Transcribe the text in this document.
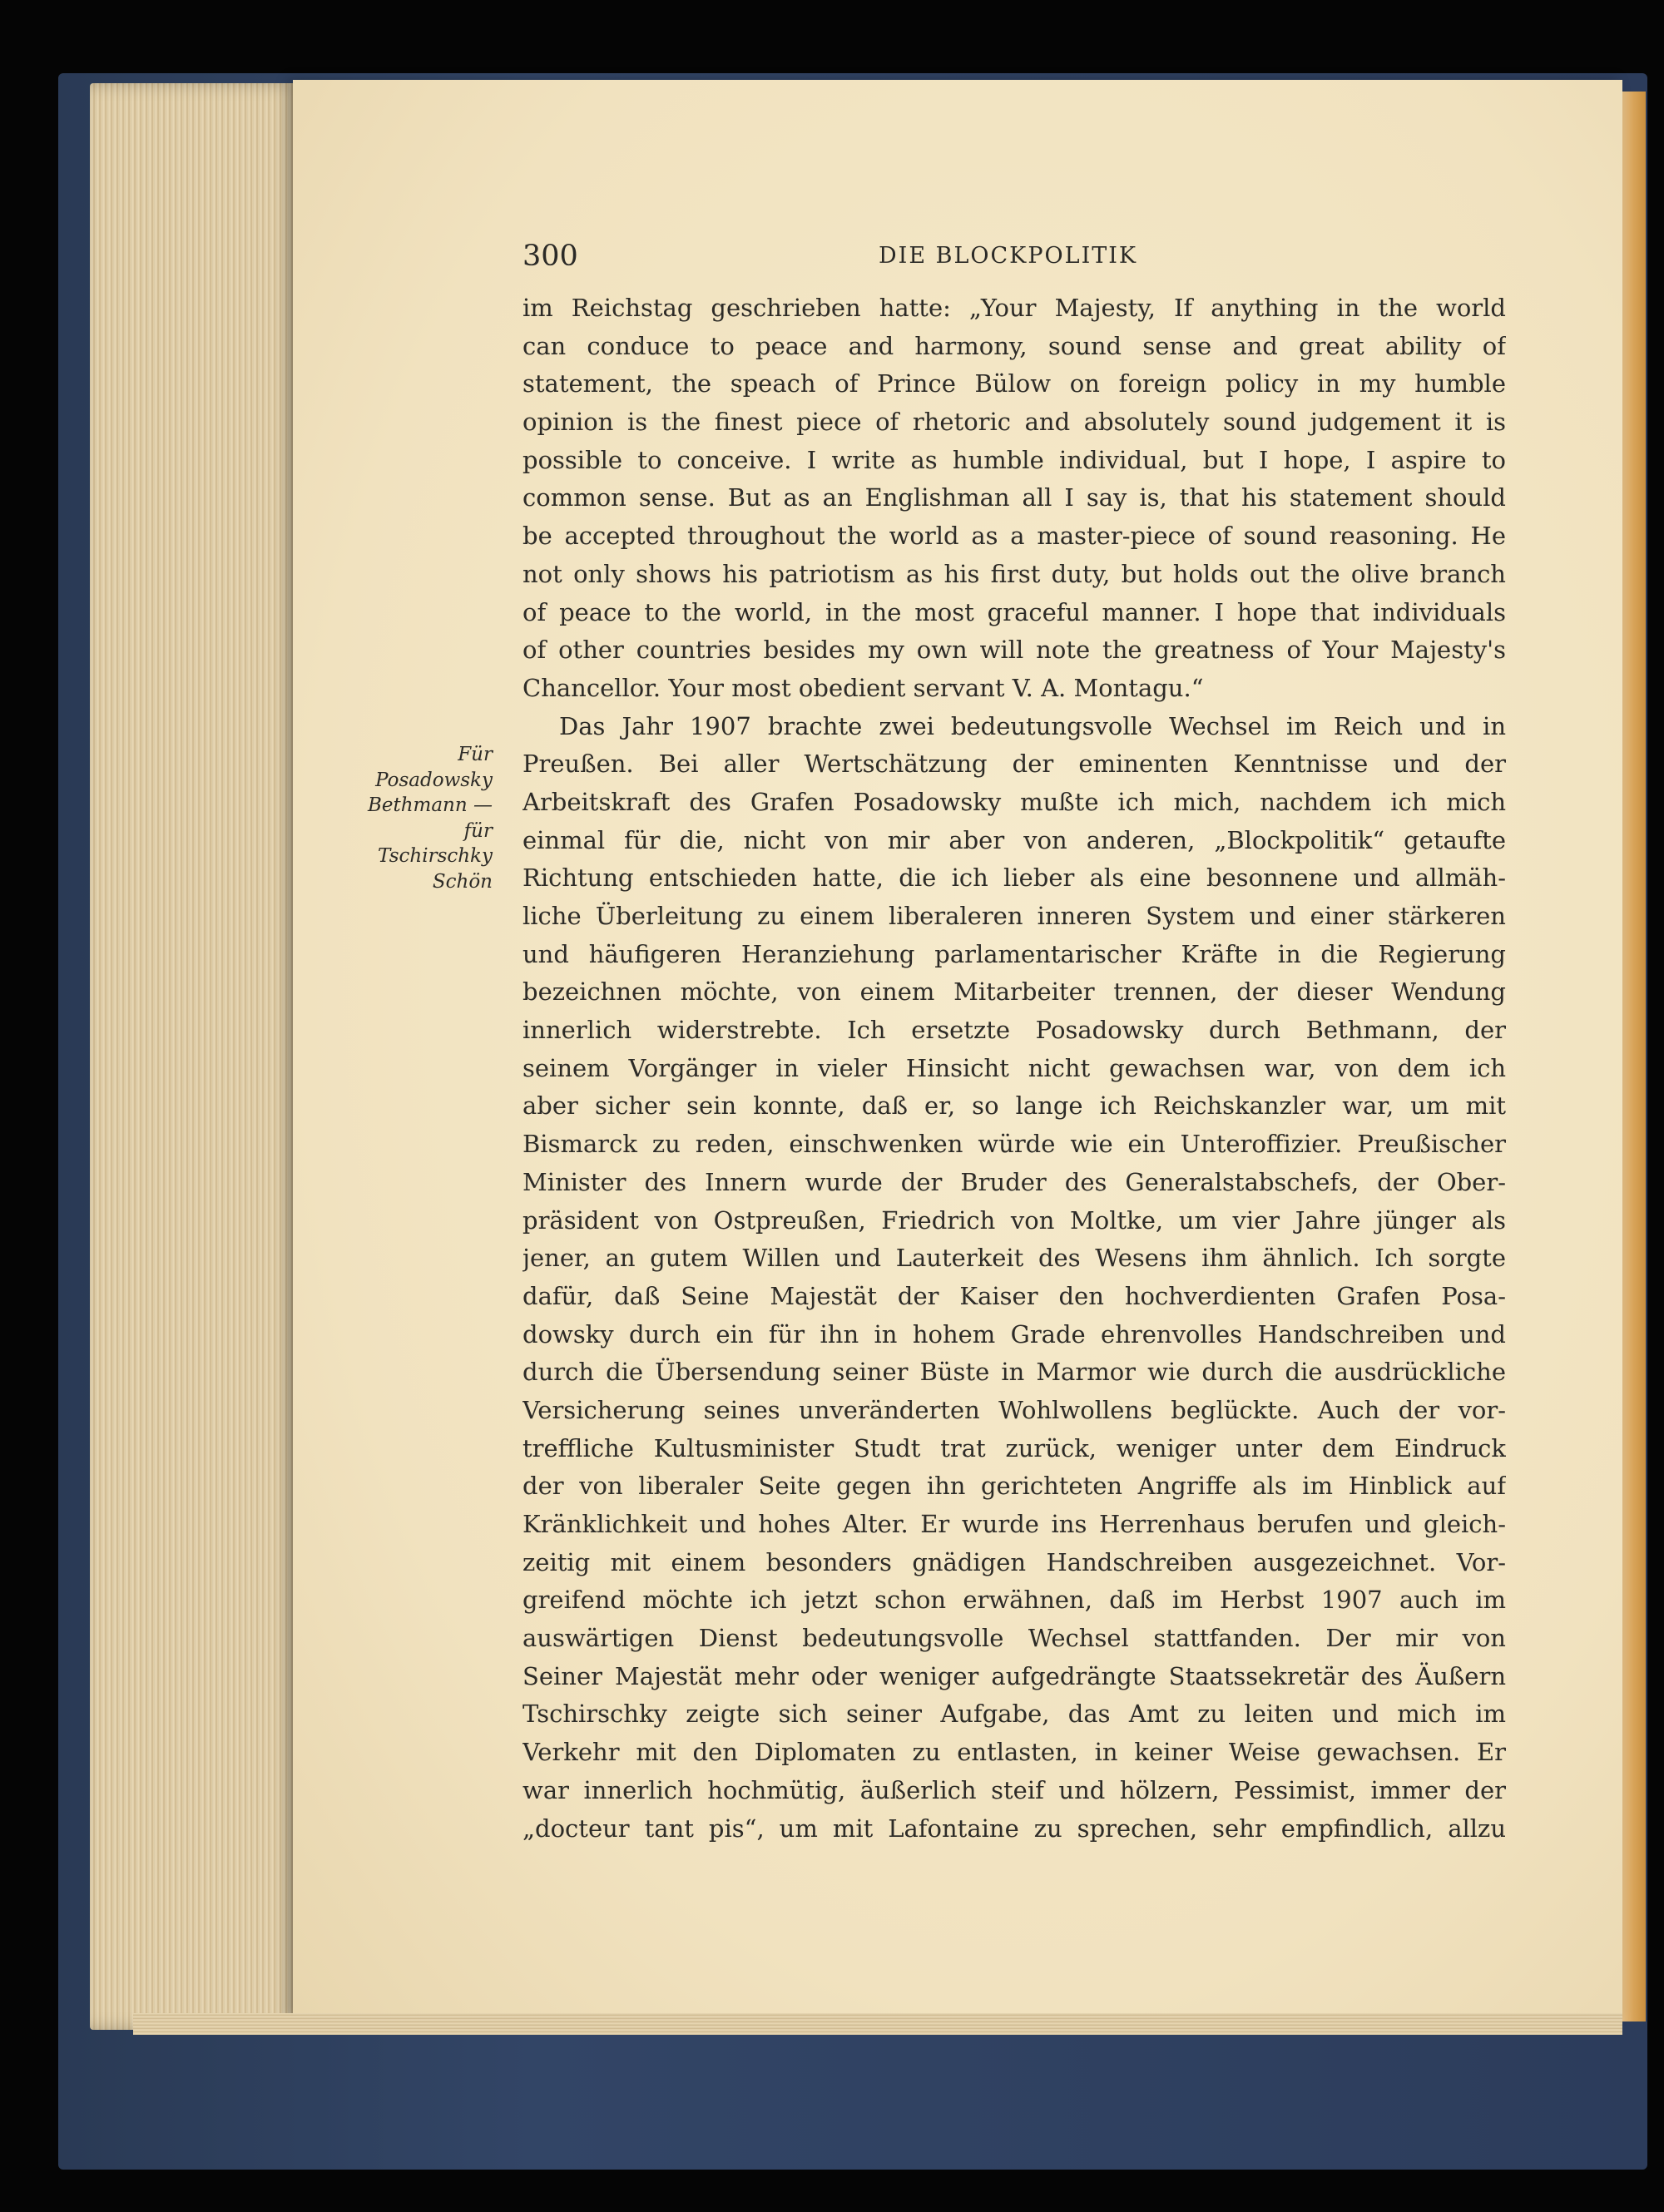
300	DIE BLOCKPOLITIK
Für
Posadowsky
Bethmann —
für
Tschirschky
Schön
im Reichstag geschrieben hatte: „Your Majesty, If anything in the world
can conduce to peace and harmony, sound sense and great ability of
statement, the speach of Prince Bülow on foreign policy in my humble
opinion is the finest piece of rhetoric and absolutely sound judgement it is
possible to conceive. I write as humble individual, but I hope, I aspire to
common sense. But as an Englishman all I say is, that his statement should
be accepted throughout the world as a master-piece of sound reasoning. He
not only shows his patriotism as his first duty, but holds out the olive branch
of peace to the world, in the most graceful manner. I hope that individuals
of other countries besides my own will note the greatness of Your Majesty's
Chancellor. Your most obedient servant V. A. Montagu.“
Das Jahr 1907 brachte zwei bedeutungsvolle Wechsel im Reich und in
Preußen. Bei aller Wertschätzung der eminenten Kenntnisse und der
Arbeitskraft des Grafen Posadowsky mußte ich mich, nachdem ich mich
einmal für die, nicht von mir aber von anderen, „Blockpolitik“ getaufte
Richtung entschieden hatte, die ich lieber als eine besonnene und allmäh-
liche Überleitung zu einem liberaleren inneren System und einer stärkeren
und häufigeren Heranziehung parlamentarischer Kräfte in die Regierung
bezeichnen möchte, von einem Mitarbeiter trennen, der dieser Wendung
innerlich widerstrebte. Ich ersetzte Posadowsky durch Bethmann, der
seinem Vorgänger in vieler Hinsicht nicht gewachsen war, von dem ich
aber sicher sein konnte, daß er, so lange ich Reichskanzler war, um mit
Bismarck zu reden, einschwenken würde wie ein Unteroffizier. Preußischer
Minister des Innern wurde der Bruder des Generalstabschefs, der Ober-
präsident von Ostpreußen, Friedrich von Moltke, um vier Jahre jünger als
jener, an gutem Willen und Lauterkeit des Wesens ihm ähnlich. Ich sorgte
dafür, daß Seine Majestät der Kaiser den hochverdienten Grafen Posa-
dowsky durch ein für ihn in hohem Grade ehrenvolles Handschreiben und
durch die Übersendung seiner Büste in Marmor wie durch die ausdrückliche
Versicherung seines unveränderten Wohlwollens beglückte. Auch der vor-
treffliche Kultusminister Studt trat zurück, weniger unter dem Eindruck
der von liberaler Seite gegen ihn gerichteten Angriffe als im Hinblick auf
Kränklichkeit und hohes Alter. Er wurde ins Herrenhaus berufen und gleich-
zeitig mit einem besonders gnädigen Handschreiben ausgezeichnet. Vor-
greifend möchte ich jetzt schon erwähnen, daß im Herbst 1907 auch im
auswärtigen Dienst bedeutungsvolle Wechsel stattfanden. Der mir von
Seiner Majestät mehr oder weniger aufgedrängte Staatssekretär des Äußern
Tschirschky zeigte sich seiner Aufgabe, das Amt zu leiten und mich im
Verkehr mit den Diplomaten zu entlasten, in keiner Weise gewachsen. Er
war innerlich hochmütig, äußerlich steif und hölzern, Pessimist, immer der
„docteur tant pis“, um mit Lafontaine zu sprechen, sehr empfindlich, allzu
